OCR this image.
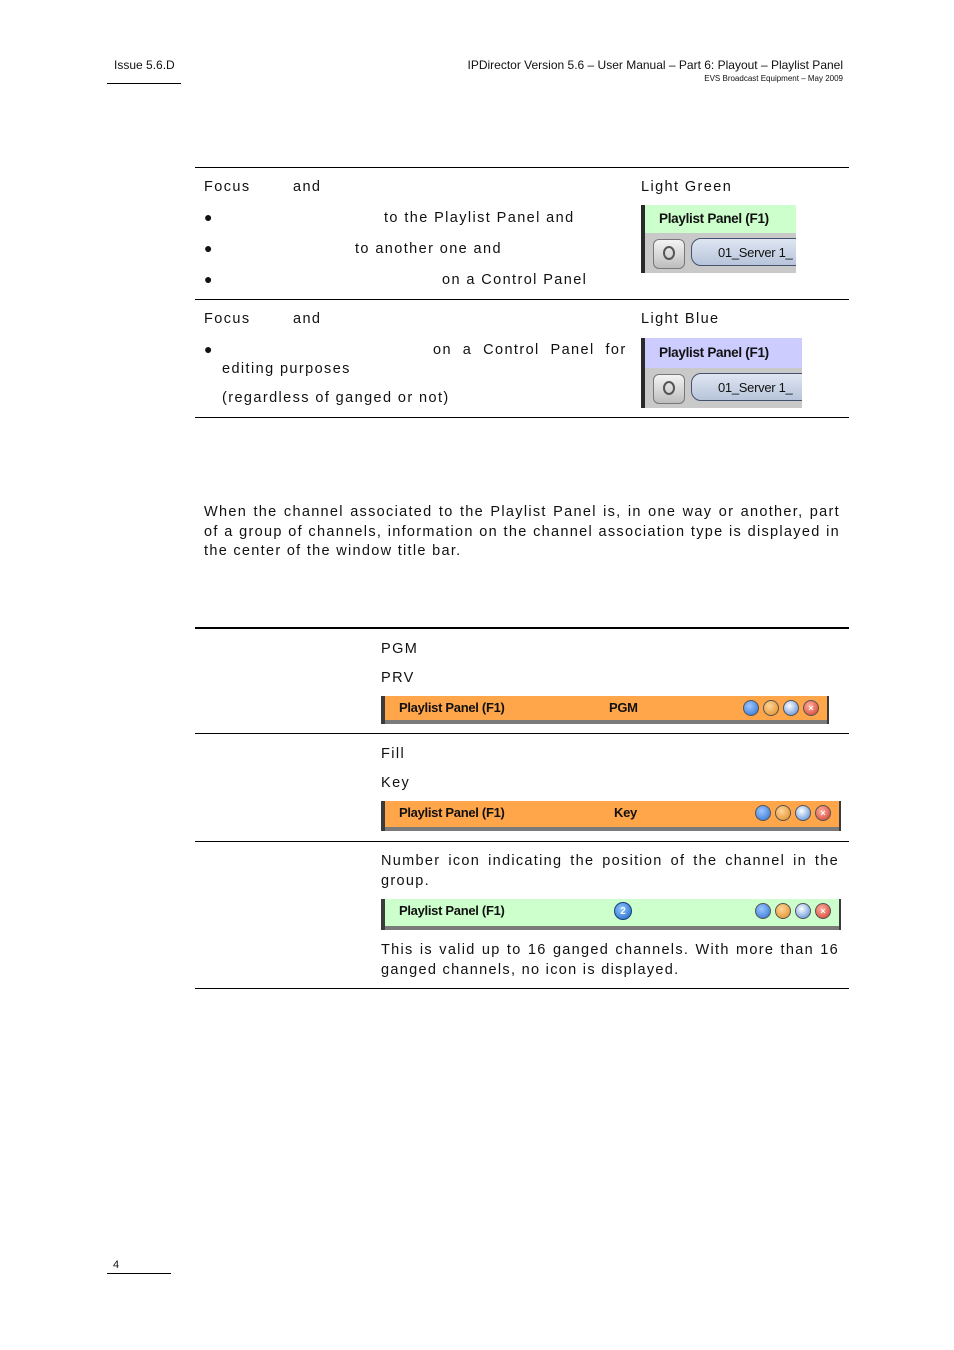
Issue 5.6.D	IPDirector Version 5.6 – User Manual – Part 6: Playout – Playlist Panel
EVS Broadcast Equipment – May 2009
Focus	and	Light Green
●	to the Playlist Panel and
●	to another one and
●	on a Control Panel
Playlist Panel (F1)
01_Server 1_
Focus	and	Light Blue
●	on  a  Control  Panel  for
editing purposes
(regardless of ganged or not)
Playlist Panel (F1)
01_Server 1_
When the channel associated to the Playlist Panel is, in one way or another, part of a group of channels, information on the channel association type is displayed in the center of the window title bar.
PGM
PRV
Playlist Panel (F1)	PGM	×
Fill
Key
Playlist Panel (F1)	Key	×
Number icon indicating the position of the channel in the group.
Playlist Panel (F1)	2	×
This is valid up to 16 ganged channels. With more than 16 ganged channels, no icon is displayed.
4
